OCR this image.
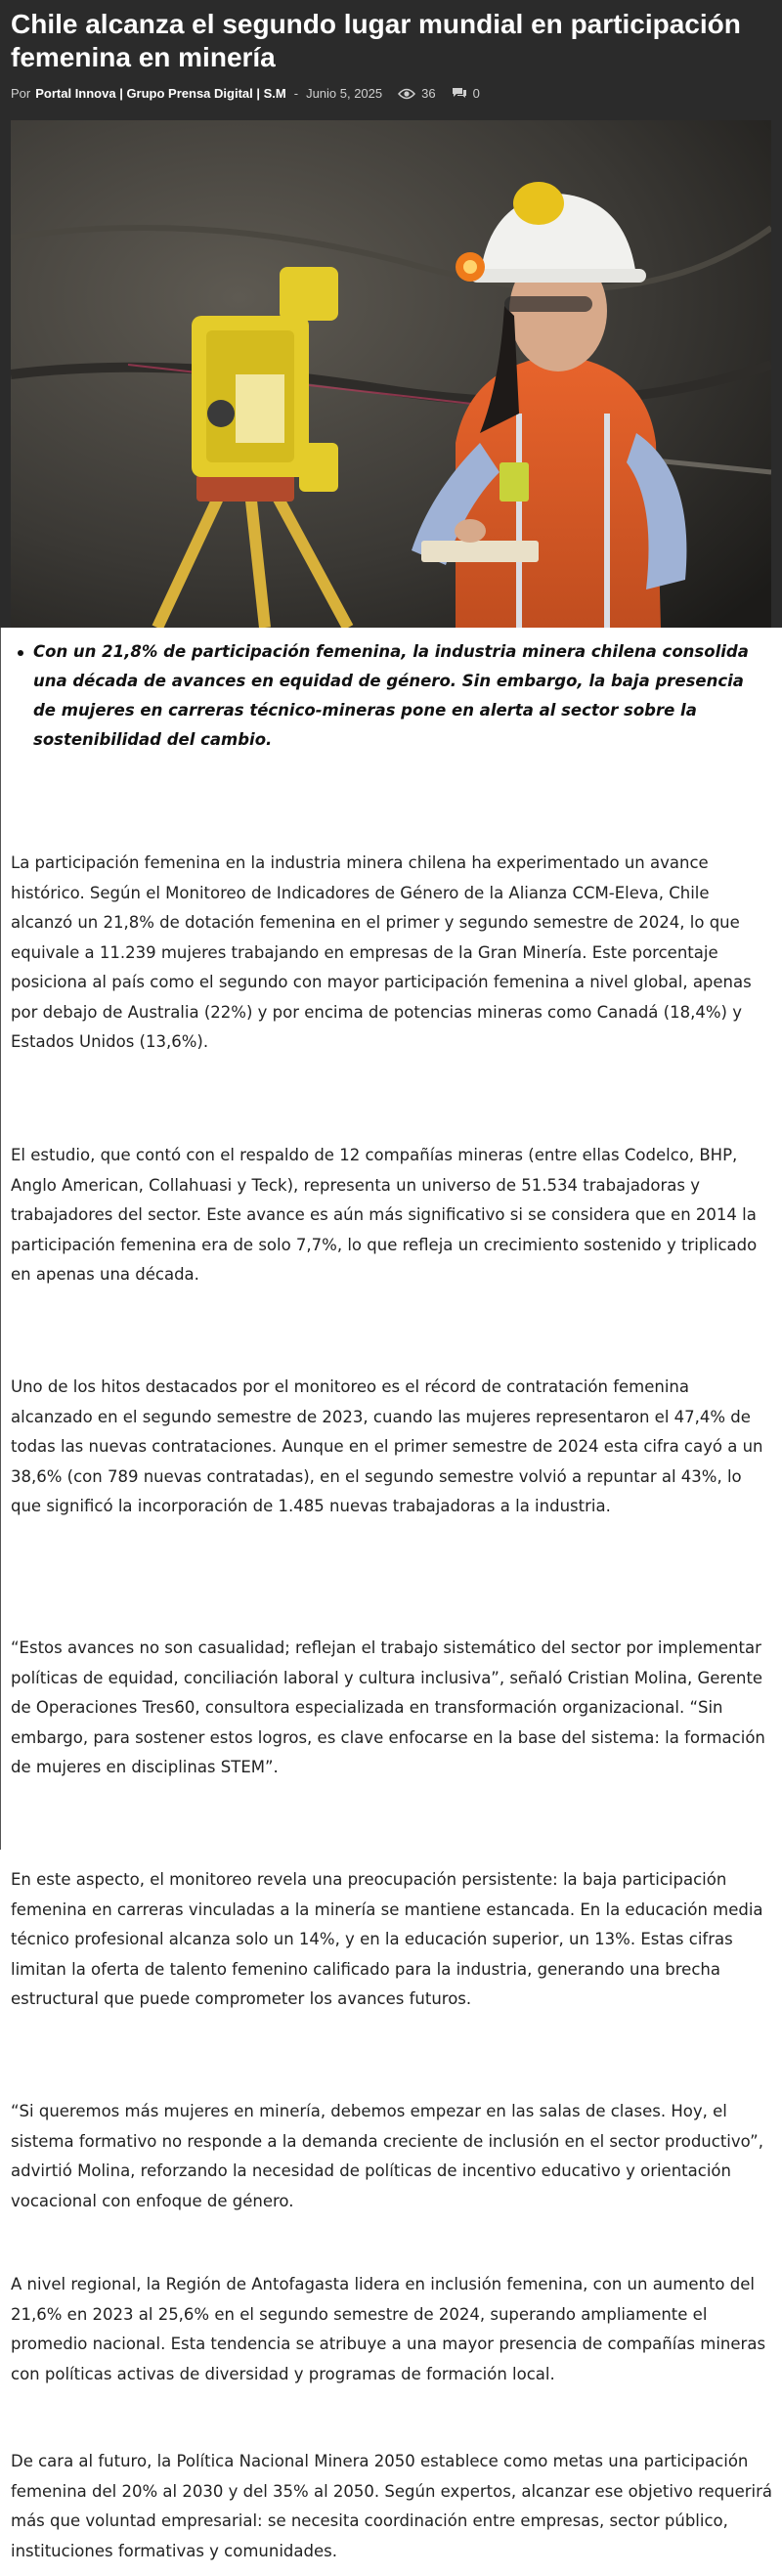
Chile alcanza el segundo lugar mundial en participación femenina en minería
Por Portal Innova | Grupo Prensa Digital | S.M - Junio 5, 2025	36	0
Con un 21,8% de participación femenina, la industria minera chilena consolida una década de avances en equidad de género. Sin embargo, la baja presencia de mujeres en carreras técnico-mineras pone en alerta al sector sobre la sostenibilidad del cambio.

La participación femenina en la industria minera chilena ha experimentado un avance histórico. Según el Monitoreo de Indicadores de Género de la Alianza CCM-Eleva, Chile alcanzó un 21,8% de dotación femenina en el primer y segundo semestre de 2024, lo que equivale a 11.239 mujeres trabajando en empresas de la Gran Minería. Este porcentaje posiciona al país como el segundo con mayor participación femenina a nivel global, apenas por debajo de Australia (22%) y por encima de potencias mineras como Canadá (18,4%) y Estados Unidos (13,6%).

El estudio, que contó con el respaldo de 12 compañías mineras (entre ellas Codelco, BHP, Anglo American, Collahuasi y Teck), representa un universo de 51.534 trabajadoras y trabajadores del sector. Este avance es aún más significativo si se considera que en 2014 la participación femenina era de solo 7,7%, lo que refleja un crecimiento sostenido y triplicado en apenas una década.

Uno de los hitos destacados por el monitoreo es el récord de contratación femenina alcanzado en el segundo semestre de 2023, cuando las mujeres representaron el 47,4% de todas las nuevas contrataciones. Aunque en el primer semestre de 2024 esta cifra cayó a un 38,6% (con 789 nuevas contratadas), en el segundo semestre volvió a repuntar al 43%, lo que significó la incorporación de 1.485 nuevas trabajadoras a la industria.

“Estos avances no son casualidad; reflejan el trabajo sistemático del sector por implementar políticas de equidad, conciliación laboral y cultura inclusiva”, señaló Cristian Molina, Gerente de Operaciones Tres60, consultora especializada en transformación organizacional. “Sin embargo, para sostener estos logros, es clave enfocarse en la base del sistema: la formación de mujeres en disciplinas STEM”.

En este aspecto, el monitoreo revela una preocupación persistente: la baja participación femenina en carreras vinculadas a la minería se mantiene estancada. En la educación media técnico profesional alcanza solo un 14%, y en la educación superior, un 13%. Estas cifras limitan la oferta de talento femenino calificado para la industria, generando una brecha estructural que puede comprometer los avances futuros.

“Si queremos más mujeres en minería, debemos empezar en las salas de clases. Hoy, el sistema formativo no responde a la demanda creciente de inclusión en el sector productivo”, advirtió Molina, reforzando la necesidad de políticas de incentivo educativo y orientación vocacional con enfoque de género.

A nivel regional, la Región de Antofagasta lidera en inclusión femenina, con un aumento del 21,6% en 2023 al 25,6% en el segundo semestre de 2024, superando ampliamente el promedio nacional. Esta tendencia se atribuye a una mayor presencia de compañías mineras con políticas activas de diversidad y programas de formación local.

De cara al futuro, la Política Nacional Minera 2050 establece como metas una participación femenina del 20% al 2030 y del 35% al 2050. Según expertos, alcanzar ese objetivo requerirá más que voluntad empresarial: se necesita coordinación entre empresas, sector público, instituciones formativas y comunidades.
